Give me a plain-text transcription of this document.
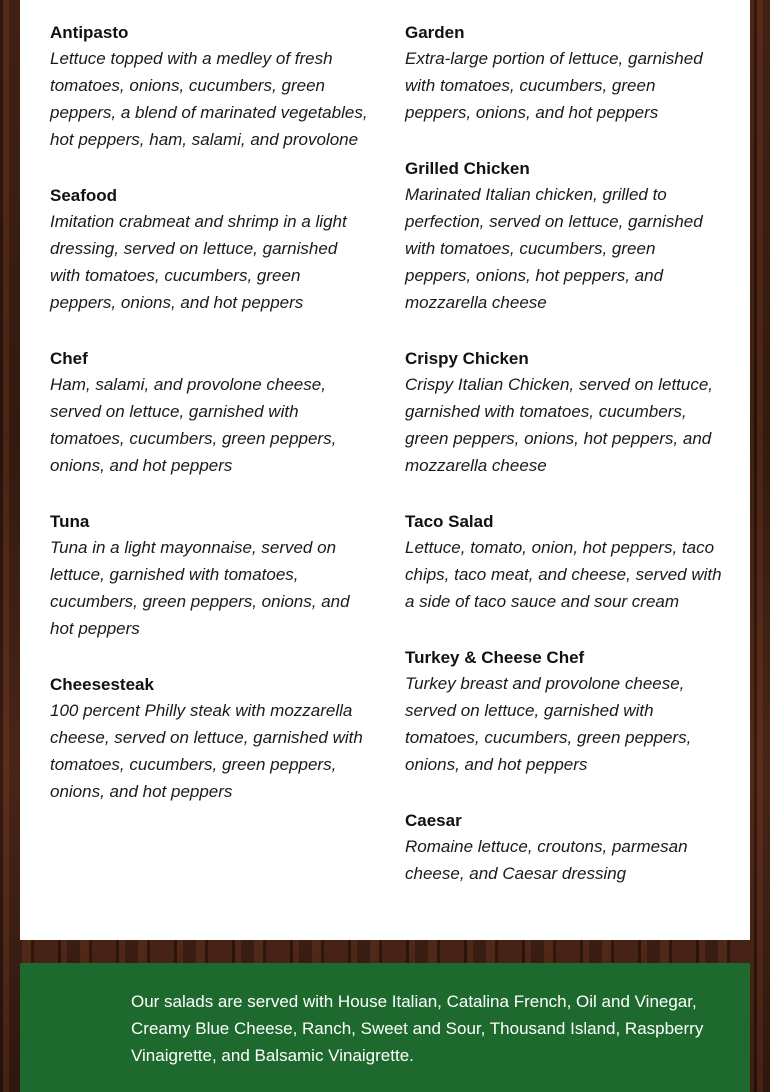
Antipasto
Lettuce topped with a medley of fresh tomatoes, onions, cucumbers, green peppers, a blend of marinated vegetables, hot peppers, ham, salami, and provolone
Seafood
Imitation crabmeat and shrimp in a light dressing, served on lettuce, garnished with tomatoes, cucumbers, green peppers, onions, and hot peppers
Chef
Ham, salami, and provolone cheese, served on lettuce, garnished with tomatoes, cucumbers, green peppers, onions, and hot peppers
Tuna
Tuna in a light mayonnaise, served on lettuce, garnished with tomatoes, cucumbers, green peppers, onions, and hot peppers
Cheesesteak
100 percent Philly steak with mozzarella cheese, served on lettuce, garnished with tomatoes, cucumbers, green peppers, onions, and hot peppers
Garden
Extra-large portion of lettuce, garnished with tomatoes, cucumbers, green peppers, onions, and hot peppers
Grilled Chicken
Marinated Italian chicken, grilled to perfection, served on lettuce, garnished with tomatoes, cucumbers, green peppers, onions, hot peppers, and mozzarella cheese
Crispy Chicken
Crispy Italian Chicken, served on lettuce, garnished with tomatoes, cucumbers, green peppers, onions, hot peppers, and mozzarella cheese
Taco Salad
Lettuce, tomato, onion, hot peppers, taco chips, taco meat, and cheese, served with a side of taco sauce and sour cream
Turkey & Cheese Chef
Turkey breast and provolone cheese, served on lettuce, garnished with tomatoes, cucumbers, green peppers, onions, and hot peppers
Caesar
Romaine lettuce, croutons, parmesan cheese, and Caesar dressing
Our salads are served with House Italian, Catalina French, Oil and Vinegar, Creamy Blue Cheese, Ranch, Sweet and Sour, Thousand Island, Raspberry Vinaigrette, and Balsamic Vinaigrette.
